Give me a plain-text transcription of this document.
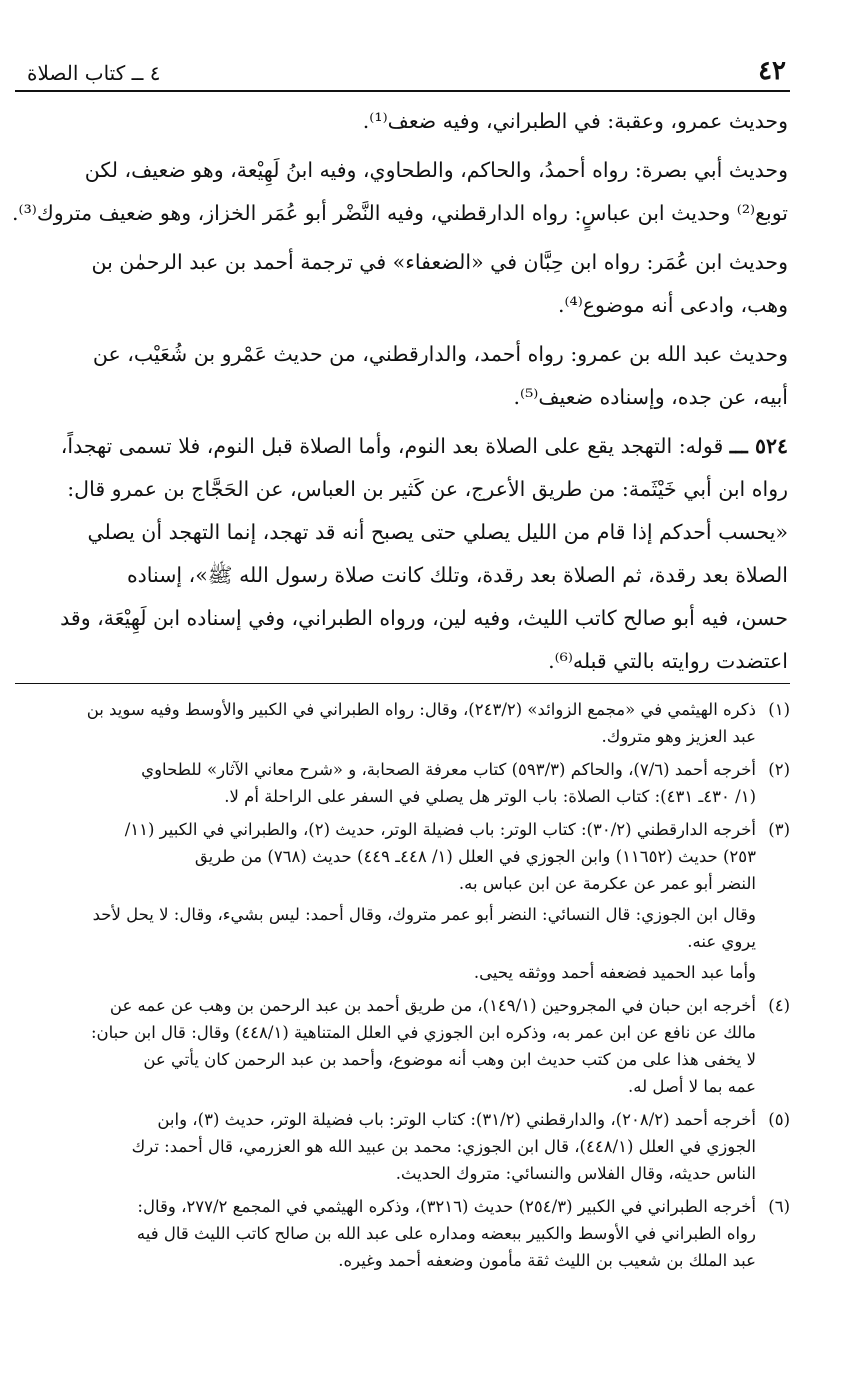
٤٢
٤ ــ كتاب الصلاة

وحديث عمرو، وعقبة: في الطبراني، وفيه ضعف⁽¹⁾.

وحديث أبي بصرة: رواه أحمدُ، والحاكم، والطحاوي، وفيه ابنُ لَهِيْعة، وهو ضعيف، لكن
توبع⁽²⁾ وحديث ابن عباسٍ: رواه الدارقطني، وفيه النَّضْر أبو عُمَر الخزاز، وهو ضعيف متروك⁽³⁾.

وحديث ابن عُمَر: رواه ابن حِبَّان في «الضعفاء» في ترجمة أحمد بن عبد الرحمٰن بن
وهب، وادعى أنه موضوع⁽⁴⁾.

وحديث عبد الله بن عمرو: رواه أحمد، والدارقطني، من حديث عَمْرو بن شُعَيْب، عن
أبيه، عن جده، وإسناده ضعيف⁽⁵⁾.

٥٢٤ ـــ قوله: التهجد يقع على الصلاة بعد النوم، وأما الصلاة قبل النوم، فلا تسمى تهجداً،
رواه ابن أبي خَيْثَمة: من طريق الأعرج، عن كَثير بن العباس، عن الحَجَّاج بن عمرو قال:
«يحسب أحدكم إذا قام من الليل يصلي حتى يصبح أنه قد تهجد، إنما التهجد أن يصلي
الصلاة بعد رقدة، ثم الصلاة بعد رقدة، وتلك كانت صلاة رسول الله ﷺ»، إسناده
حسن، فيه أبو صالح كاتب الليث، وفيه لين، ورواه الطبراني، وفي إسناده ابن لَهِيْعَة، وقد
اعتضدت روايته بالتي قبله⁽⁶⁾.

(١)
ذكره الهيثمي في «مجمع الزوائد» (٢٤٣/٢)، وقال: رواه الطبراني في الكبير والأوسط وفيه سويد بن
عبد العزيز وهو متروك.
(٢)
أخرجه أحمد (٧/٦)، والحاكم (٥٩٣/٣) كتاب معرفة الصحابة، و «شرح معاني الآثار» للطحاوي
(١/ ٤٣٠ـ ٤٣١): كتاب الصلاة: باب الوتر هل يصلي في السفر على الراحلة أم لا.
(٣)
أخرجه الدارقطني (٣٠/٢): كتاب الوتر: باب فضيلة الوتر، حديث (٢)، والطبراني في الكبير (١١/
٢٥٣) حديث (١١٦٥٢) وابن الجوزي في العلل (١/ ٤٤٨ـ ٤٤٩) حديث (٧٦٨) من طريق
النضر أبو عمر عن عكرمة عن ابن عباس به.
وقال ابن الجوزي: قال النسائي: النضر أبو عمر متروك، وقال أحمد: ليس بشيء، وقال: لا يحل لأحد
يروي عنه.
وأما عبد الحميد فضعفه أحمد ووثقه يحيى.
(٤)
أخرجه ابن حبان في المجروحين (١٤٩/١)، من طريق أحمد بن عبد الرحمن بن وهب عن عمه عن
مالك عن نافع عن ابن عمر به، وذكره ابن الجوزي في العلل المتناهية (٤٤٨/١) وقال: قال ابن حبان:
لا يخفى هذا على من كتب حديث ابن وهب أنه موضوع، وأحمد بن عبد الرحمن كان يأتي عن
عمه بما لا أصل له.
(٥)
أخرجه أحمد (٢٠٨/٢)، والدارقطني (٣١/٢): كتاب الوتر: باب فضيلة الوتر، حديث (٣)، وابن
الجوزي في العلل (٤٤٨/١)، قال ابن الجوزي: محمد بن عبيد الله هو العزرمي، قال أحمد: ترك
الناس حديثه، وقال الفلاس والنسائي: متروك الحديث.
(٦)
أخرجه الطبراني في الكبير (٢٥٤/٣) حديث (٣٢١٦)، وذكره الهيثمي في المجمع ٢٧٧/٢، وقال:
رواه الطبراني في الأوسط والكبير ببعضه ومداره على عبد الله بن صالح كاتب الليث قال فيه
عبد الملك بن شعيب بن الليث ثقة مأمون وضعفه أحمد وغيره.
